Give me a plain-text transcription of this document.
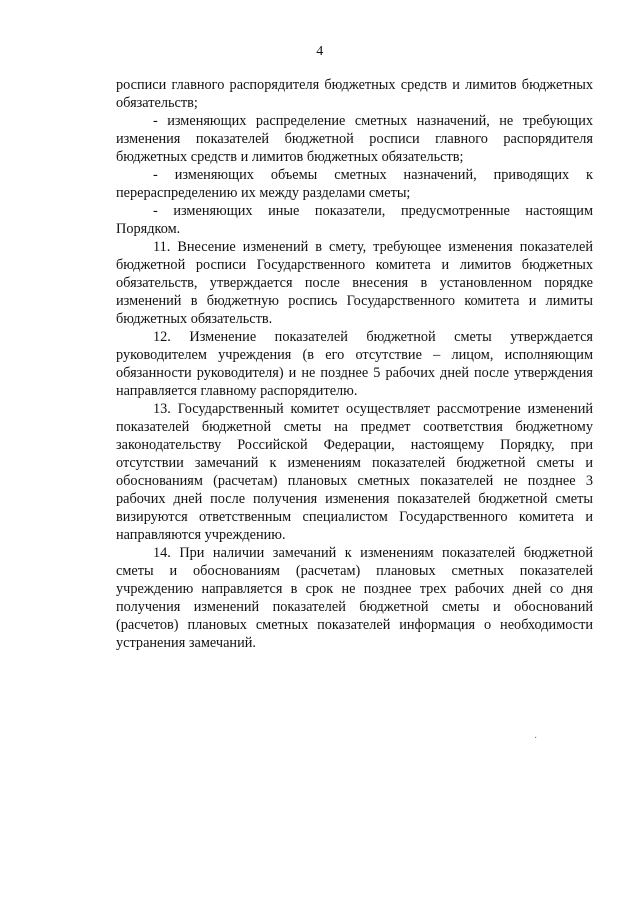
4

росписи главного распорядителя бюджетных средств и лимитов бюджетных обязательств;

- изменяющих распределение сметных назначений, не требующих изменения показателей бюджетной росписи главного распорядителя бюджетных средств и лимитов бюджетных обязательств;

- изменяющих объемы сметных назначений, приводящих к перераспределению их между разделами сметы;

- изменяющих иные показатели, предусмотренные настоящим Порядком.

11. Внесение изменений в смету, требующее изменения показателей бюджетной росписи Государственного комитета и лимитов бюджетных обязательств, утверждается после внесения в установленном порядке изменений в бюджетную роспись Государственного комитета и лимиты бюджетных обязательств.

12. Изменение показателей бюджетной сметы утверждается руководителем учреждения (в его отсутствие – лицом, исполняющим обязанности руководителя) и не позднее 5 рабочих дней после утверждения направляется главному распорядителю.

13. Государственный комитет осуществляет рассмотрение изменений показателей бюджетной сметы на предмет соответствия бюджетному законодательству Российской Федерации, настоящему Порядку, при отсутствии замечаний к изменениям показателей бюджетной сметы и обоснованиям (расчетам) плановых сметных показателей не позднее 3 рабочих дней после получения изменения показателей бюджетной сметы визируются ответственным специалистом Государственного комитета и направляются учреждению.

14. При наличии замечаний к изменениям показателей бюджетной сметы и обоснованиям (расчетам) плановых сметных показателей учреждению направляется в срок не позднее трех рабочих дней со дня получения изменений показателей бюджетной сметы и обоснований (расчетов) плановых сметных показателей информация о необходимости устранения замечаний.

·
